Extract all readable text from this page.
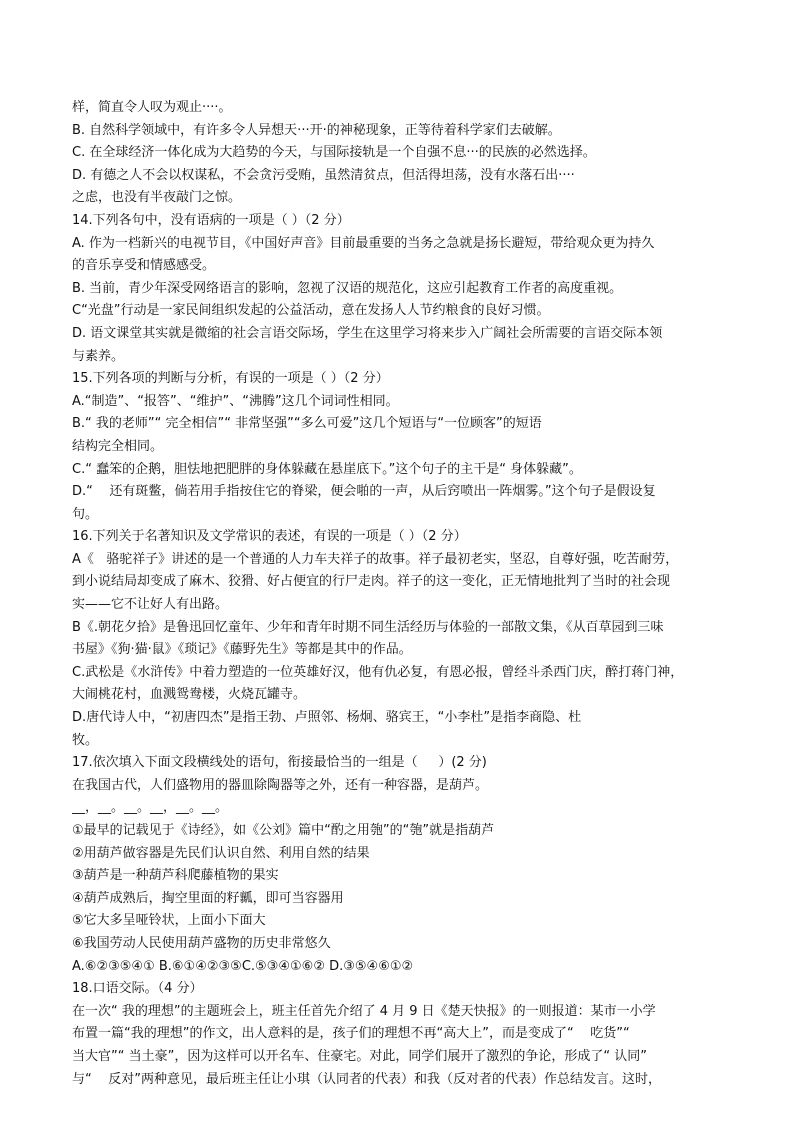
样，简直令人叹为观止····。
B. 自然科学领域中，有许多令人异想天···开·的神秘现象，正等待着科学家们去破解。
C. 在全球经济一体化成为大趋势的今天，与国际接轨是一个自强不息···的民族的必然选择。
D. 有德之人不会以权谋私，不会贪污受贿，虽然清贫点，但活得坦荡，没有水落石出····
之虑，也没有半夜敲门之惊。
14.下列各句中，没有语病的一项是（ ）（2 分）
A. 作为一档新兴的电视节目，《中国好声音》目前最重要的当务之急就是扬长避短，带给观众更为持久
的音乐享受和情感感受。
B. 当前，青少年深受网络语言的影响，忽视了汉语的规范化，这应引起教育工作者的高度重视。
C“光盘”行动是一家民间组织发起的公益活动，意在发扬人人节约粮食的良好习惯。
D. 语文课堂其实就是微缩的社会言语交际场，学生在这里学习将来步入广阔社会所需要的言语交际本领
与素养。
15.下列各项的判断与分析，有误的一项是（ ）（2 分）
A.“制造”、“报答”、“维护”、“沸腾”这几个词词性相同。
B.“ 我的老师”“ 完全相信”“ 非常坚强”“多么可爱”这几个短语与“一位顾客”的短语
结构完全相同。
C.“ 蠢笨的企鹅，胆怯地把肥胖的身体躲藏在悬崖底下。”这个句子的主干是“ 身体躲藏”。
D.“    还有斑鳖，倘若用手指按住它的脊梁，便会啪的一声，从后窍喷出一阵烟雾。”这个句子是假设复
句。
16.下列关于名著知识及文学常识的表述，有误的一项是（ ）（2 分）
A《   骆驼祥子》讲述的是一个普通的人力车夫祥子的故事。祥子最初老实，坚忍，自尊好强，吃苦耐劳，
到小说结局却变成了麻木、狡猾、好占便宜的行尸走肉。祥子的这一变化，正无情地批判了当时的社会现
实——它不让好人有出路。
B《.朝花夕拾》是鲁迅回忆童年、少年和青年时期不同生活经历与体验的一部散文集，《从百草园到三味
书屋》《狗·猫·鼠》《琐记》《藤野先生》等都是其中的作品。
C.武松是《水浒传》中着力塑造的一位英雄好汉，他有仇必复，有恩必报，曾经斗杀西门庆，醉打蒋门神，
大闹桃花村，血溅鸳鸯楼，火烧瓦罐寺。
D.唐代诗人中，“初唐四杰”是指王勃、卢照邻、杨炯、骆宾王，“小李杜”是指李商隐、杜
牧。
17.依次填入下面文段横线处的语句，衔接最恰当的一组是（     ）(2 分)
在我国古代，人们盛物用的器皿除陶器等之外，还有一种容器，是葫芦。
__，__。__。__，__。__。
①最早的记载见于《诗经》，如《公刘》篇中“酌之用匏”的“匏”就是指葫芦
②用葫芦做容器是先民们认识自然、利用自然的结果
③葫芦是一种葫芦科爬藤植物的果实
④葫芦成熟后，掏空里面的籽瓤，即可当容器用
⑤它大多呈哑铃状，上面小下面大
⑥我国劳动人民使用葫芦盛物的历史非常悠久
A.⑥②③⑤④① B.⑥①④②③⑤C.⑤③④①⑥② D.③⑤④⑥①②
18.口语交际。（4 分）
在一次“ 我的理想”的主题班会上，班主任首先介绍了 4 月 9 日《楚天快报》的一则报道：某市一小学
布置一篇“我的理想”的作文，出人意料的是，孩子们的理想不再“高大上”，而是变成了“    吃货”“
当大官”“ 当土豪”，因为这样可以开名车、住豪宅。对此，同学们展开了激烈的争论，形成了“ 认同”
与“    反对”两种意见，最后班主任让小琪（认同者的代表）和我（反对者的代表）作总结发言。这时，
